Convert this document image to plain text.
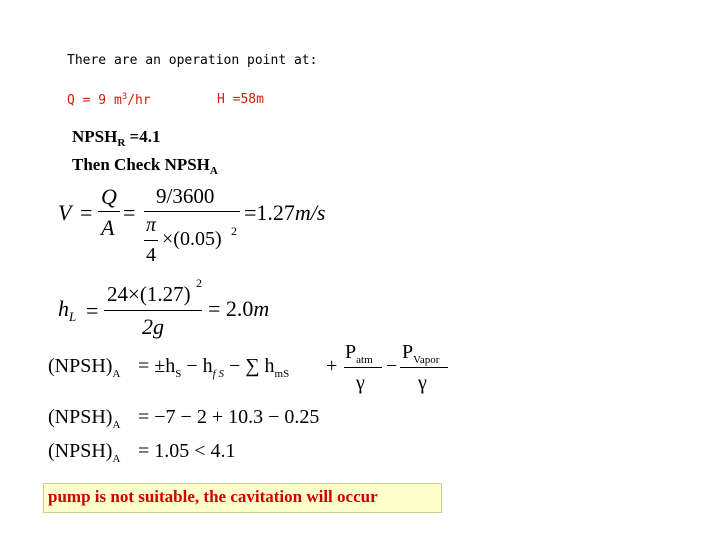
There are an operation point at:
Q = 9 $m^3/hr$	H =58m
$NPSH_R =4.1$
Then Check $NPSH_A$
V =
Q
A
=
9/3600
π
4
×(0.05) 2
=1.27m/s
$h_L$ =
24×(1.27) 2
2g
= 2.0m
$(NPSH)_A = \pm h_S - h_{f S}$ − ∑ $h_{mS}$ +
$P_{atm}$
γ
−
$P_{Vapor}$
γ
$(NPSH)_A = -7 - 2 + 10.3 - 0.25$
$(NPSH)_A = 1.05 < 4.1$
pump is not suitable, the cavitation will occur
